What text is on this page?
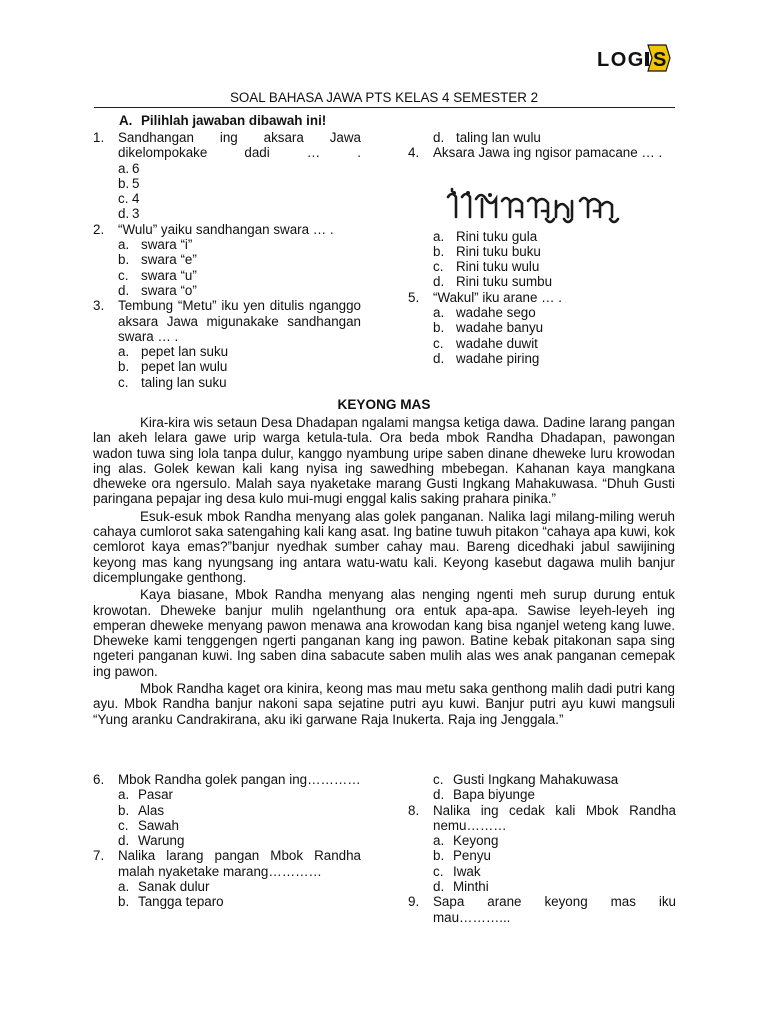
LOG S
SOAL BAHASA JAWA PTS KELAS 4 SEMESTER 2
A. Pilihlah jawaban dibawah ini!
1. Sandhangan ing aksara Jawa dikelompokake dadi … .
a. 6
b. 5
c. 4
d. 3
2. “Wulu” yaiku sandhangan swara … .
a. swara “i”
b. swara “e”
c. swara “u”
d. swara “o”
3. Tembung “Metu” iku yen ditulis nganggo aksara Jawa migunakake sandhangan swara … .
a. pepet lan suku
b. pepet lan wulu
c. taling lan suku
d. taling lan wulu
4. Aksara Jawa ing ngisor pamacane … .
a. Rini tuku gula
b. Rini tuku buku
c. Rini tuku wulu
d. Rini tuku sumbu
5. “Wakul” iku arane … .
a. wadahe sego
b. wadahe banyu
c. wadahe duwit
d. wadahe piring
KEYONG MAS

Kira-kira wis setaun Desa Dhadapan ngalami mangsa ketiga dawa. Dadine larang pangan lan akeh lelara gawe urip warga ketula-tula. Ora beda mbok Randha Dhadapan, pawongan wadon tuwa sing lola tanpa dulur, kanggo nyambung uripe saben dinane dheweke luru krowodan ing alas. Golek kewan kali kang nyisa ing sawedhing mbebegan. Kahanan kaya mangkana dheweke ora ngersulo. Malah saya nyaketake marang Gusti Ingkang Mahakuwasa. “Dhuh Gusti paringana pepajar ing desa kulo mui-mugi enggal kalis saking prahara pinika.”

Esuk-esuk mbok Randha menyang alas golek panganan. Nalika lagi milang-miling weruh cahaya cumlorot saka satengahing kali kang asat. Ing batine tuwuh pitakon “cahaya apa kuwi, kok cemlorot kaya emas?”banjur nyedhak sumber cahay mau. Bareng dicedhaki jabul sawijining keyong mas kang nyungsang ing antara watu-watu kali. Keyong kasebut dagawa mulih banjur dicemplungake genthong.

Kaya biasane, Mbok Randha menyang alas nenging ngenti meh surup durung entuk krowotan. Dheweke banjur mulih ngelanthung ora entuk apa-apa. Sawise leyeh-leyeh ing emperan dheweke menyang pawon menawa ana krowodan kang bisa nganjel weteng kang luwe. Dheweke kami tenggengen ngerti panganan kang ing pawon. Batine kebak pitakonan sapa sing ngeteri panganan kuwi. Ing saben dina sabacute saben mulih alas wes anak panganan cemepak ing pawon.

Mbok Randha kaget ora kinira, keong mas mau metu saka genthong malih dadi putri kang ayu. Mbok Randha banjur nakoni sapa sejatine putri ayu kuwi. Banjur putri ayu kuwi mangsuli “Yung aranku Candrakirana, aku iki garwane Raja Inukerta. Raja ing Jenggala.”

6. Mbok Randha golek pangan ing…………
a. Pasar
b. Alas
c. Sawah
d. Warung
7. Nalika larang pangan Mbok Randha malah nyaketake marang…………
a. Sanak dulur
b. Tangga teparo
c. Gusti Ingkang Mahakuwasa
d. Bapa biyunge
8. Nalika ing cedak kali Mbok Randha nemu………
a. Keyong
b. Penyu
c. Iwak
d. Minthi
9. Sapa arane keyong mas iku mau………...
